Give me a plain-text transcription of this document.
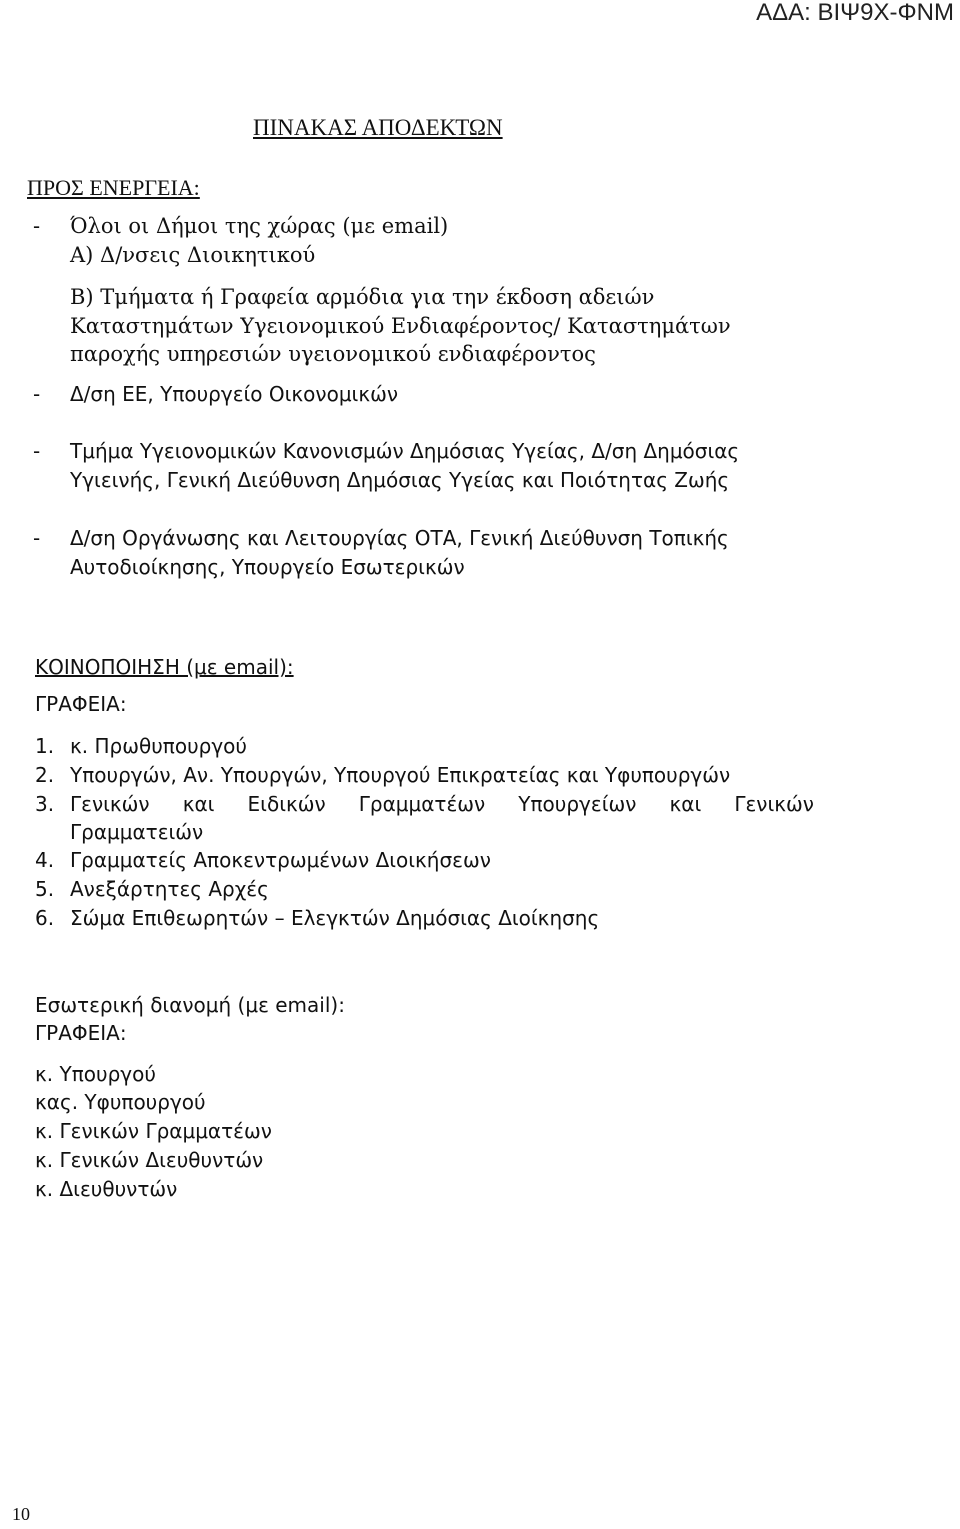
ΑΔΑ: ΒΙΨ9Χ-ΦΝΜ
ΠΙΝΑΚΑΣ ΑΠΟΔΕΚΤΩΝ
ΠΡΟΣ ΕΝΕΡΓΕΙΑ:
- Όλοι οι Δήμοι της χώρας (με email)
Α) Δ/νσεις Διοικητικού
Β) Τμήματα ή Γραφεία αρμόδια για την έκδοση αδειών
Καταστημάτων Υγειονομικού Ενδιαφέροντος/ Καταστημάτων
παροχής υπηρεσιών υγειονομικού ενδιαφέροντος
- Δ/ση ΕΕ, Υπουργείο Οικονομικών
- Τμήμα Υγειονομικών Κανονισμών Δημόσιας Υγείας, Δ/ση Δημόσιας
Υγιεινής, Γενική Διεύθυνση Δημόσιας Υγείας και Ποιότητας Ζωής
- Δ/ση Οργάνωσης και Λειτουργίας ΟΤΑ, Γενική Διεύθυνση Τοπικής
Αυτοδιοίκησης, Υπουργείο Εσωτερικών
ΚΟΙΝΟΠΟΙΗΣΗ (με email):
ΓΡΑΦΕΙΑ:
1. κ. Πρωθυπουργού
2. Υπουργών, Αν. Υπουργών, Υπουργού Επικρατείας και Υφυπουργών
3. Γενικών και Ειδικών Γραμματέων Υπουργείων και Γενικών
Γραμματειών
4. Γραμματείς Αποκεντρωμένων Διοικήσεων
5. Ανεξάρτητες Αρχές
6. Σώμα Επιθεωρητών – Ελεγκτών Δημόσιας Διοίκησης
Εσωτερική διανομή (με email):
ΓΡΑΦΕΙΑ:
κ. Υπουργού
κας. Υφυπουργού
κ. Γενικών Γραμματέων
κ. Γενικών Διευθυντών
κ. Διευθυντών
10
